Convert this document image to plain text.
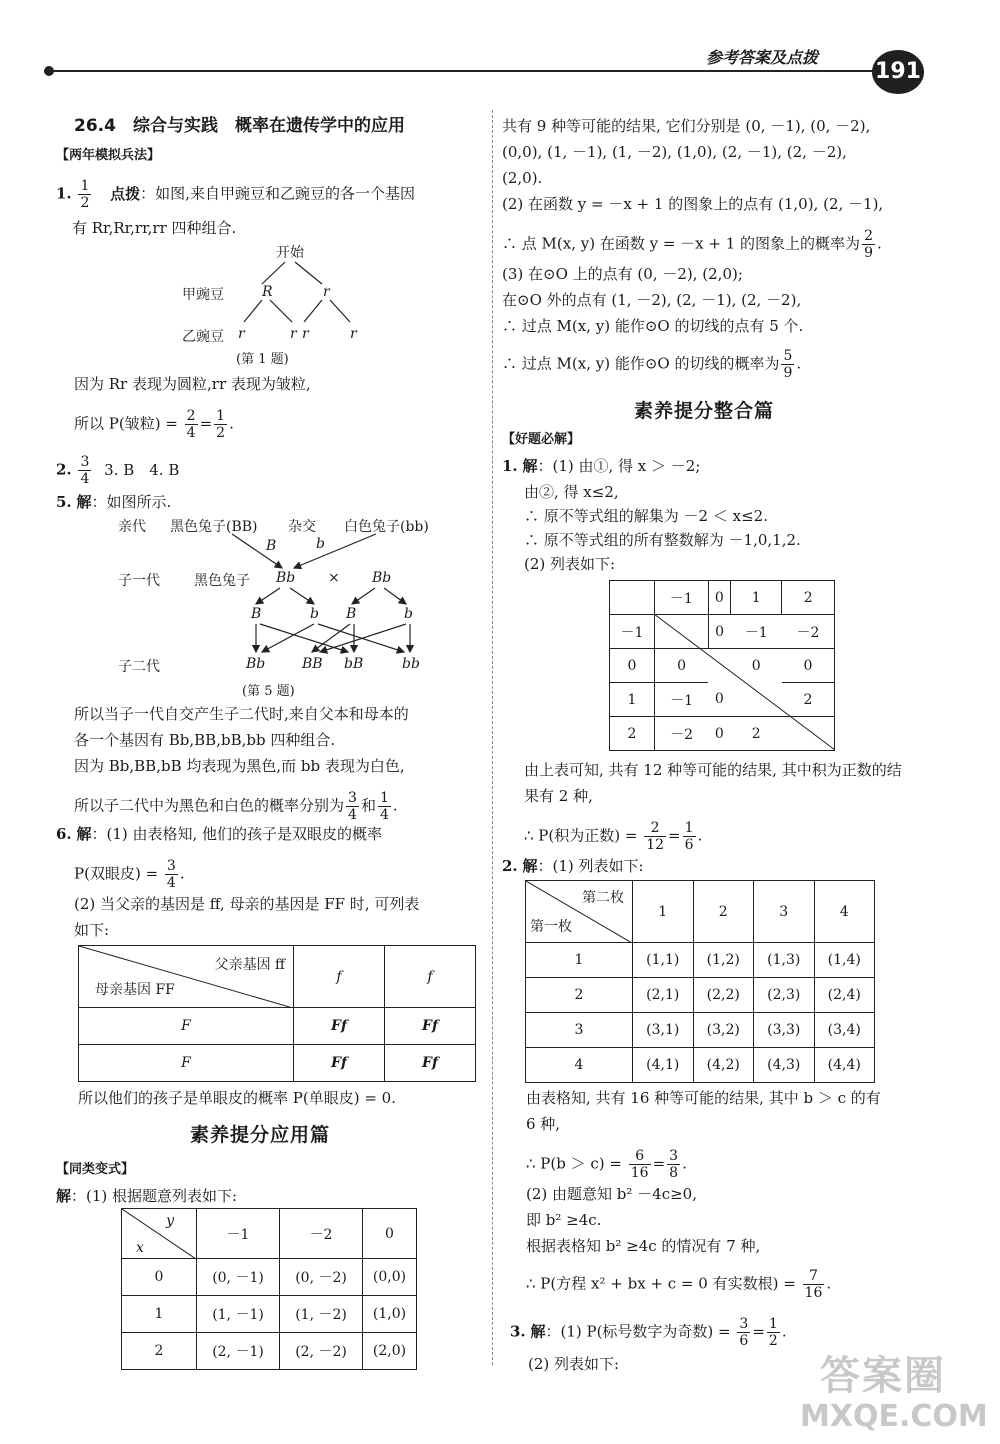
参考答案及点拨
191
26.4　综合与实践　概率在遗传学中的应用
【两年模拟兵法】
1. $\frac{1}{2}$ 点拨：如图,来自甲豌豆和乙豌豆的各一个基因
有 Rr,Rr,rr,rr 四种组合.
开始
甲豌豆	R	r
乙豌豆 r	r r	r
(第 1 题)
因为 Rr 表现为圆粒,rr 表现为皱粒,
所以 P(皱粒) = $\frac{2}{4} = \frac{1}{2}$ .
2. $\frac{3}{4} 3$. B　4. B
5. 解：如图所示.
亲代 黑色兔子(BB) 杂交 白色兔子(bb)
B	b
子一代 黑色兔子 Bb × Bb
B	b B	b
子二代	Bb	BB bB	bb
(第 5 题)
所以当子一代自交产生子二代时,来自父本和母本的
各一个基因有 Bb,BB,bB,bb 四种组合.
因为 Bb,BB,bB 均表现为黑色,而 bb 表现为白色,
所以子二代中为黑色和白色的概率分别为 $\frac{3}{4}$ 和 $\frac{1}{4}$ .
6. 解：(1) 由表格知, 他们的孩子是双眼皮的概率
P(双眼皮) = $\frac{3}{4}$ .
(2) 当父亲的基因是 ff, 母亲的基因是 FF 时, 可列表
如下:
父亲基因 ff
母亲基因 FF	f	f
F	Ff	Ff
F	Ff	Ff
所以他们的孩子是单眼皮的概率 P(单眼皮) = 0.
素养提分应用篇
【同类变式】
解：(1) 根据题意列表如下:
y
x	－1	－2	0
0	(0, －1)	(0, －2)	(0,0)
1	(1, －1)	(1, －2)	(1,0)
2	(2, －1)	(2, －2)	(2,0)
共有 9 种等可能的结果, 它们分别是 (0, －1), (0, －2),
(0,0), (1, －1), (1, －2), (1,0), (2, －1), (2, －2),
(2,0).
(2) 在函数 y = －x + 1 的图象上的点有 (1,0), (2, －1),
∴ 点 M(x, y) 在函数 y = －x + 1 的图象上的概率为 $\frac{2}{9}$ .
(3) 在⊙O 上的点有 (0, －2), (2,0);
在⊙O 外的点有 (1, －2), (2, －1), (2, －2),
∴ 过点 M(x, y) 能作⊙O 的切线的点有 5 个.
∴ 过点 M(x, y) 能作⊙O 的切线的概率为 $\frac{5}{9}$ .
素养提分整合篇
【好题必解】
1. 解：(1) 由①, 得 x ＞ －2;
由②, 得 x≤2,
∴ 原不等式组的解集为 －2 ＜ x≤2.
∴ 原不等式组的所有整数解为 －1,0,1,2.
(2) 列表如下:
	－1	0	1	2
－1		0	－1	－2
0	0		0	0
1	－1	0		2
2	－2	0	2	
由上表可知, 共有 12 种等可能的结果, 其中积为正数的结
果有 2 种,
∴ P(积为正数) = $\frac{2}{12} = \frac{1}{6}$ .
2. 解：(1) 列表如下:
第二枚
第一枚	1	2	3	4
1	(1,1)	(1,2)	(1,3)	(1,4)
2	(2,1)	(2,2)	(2,3)	(2,4)
3	(3,1)	(3,2)	(3,3)	(3,4)
4	(4,1)	(4,2)	(4,3)	(4,4)
由表格知, 共有 16 种等可能的结果, 其中 b ＞ c 的有
6 种,
∴ $P(b > c) = \frac{6}{16} = \frac{3}{8}$ .
(2) 由题意知 b² －4c≥0,
即 b² ≥4c.
根据表格知 b² ≥4c 的情况有 7 种,
∴ P(方程 x² + bx + c = 0 有实数根) = $\frac{7}{16}$ .
3. 解：(1) P(标号数字为奇数) = $\frac{3}{6} = \frac{1}{2}$ .
(2) 列表如下:	答案圈
MXQE.COM
